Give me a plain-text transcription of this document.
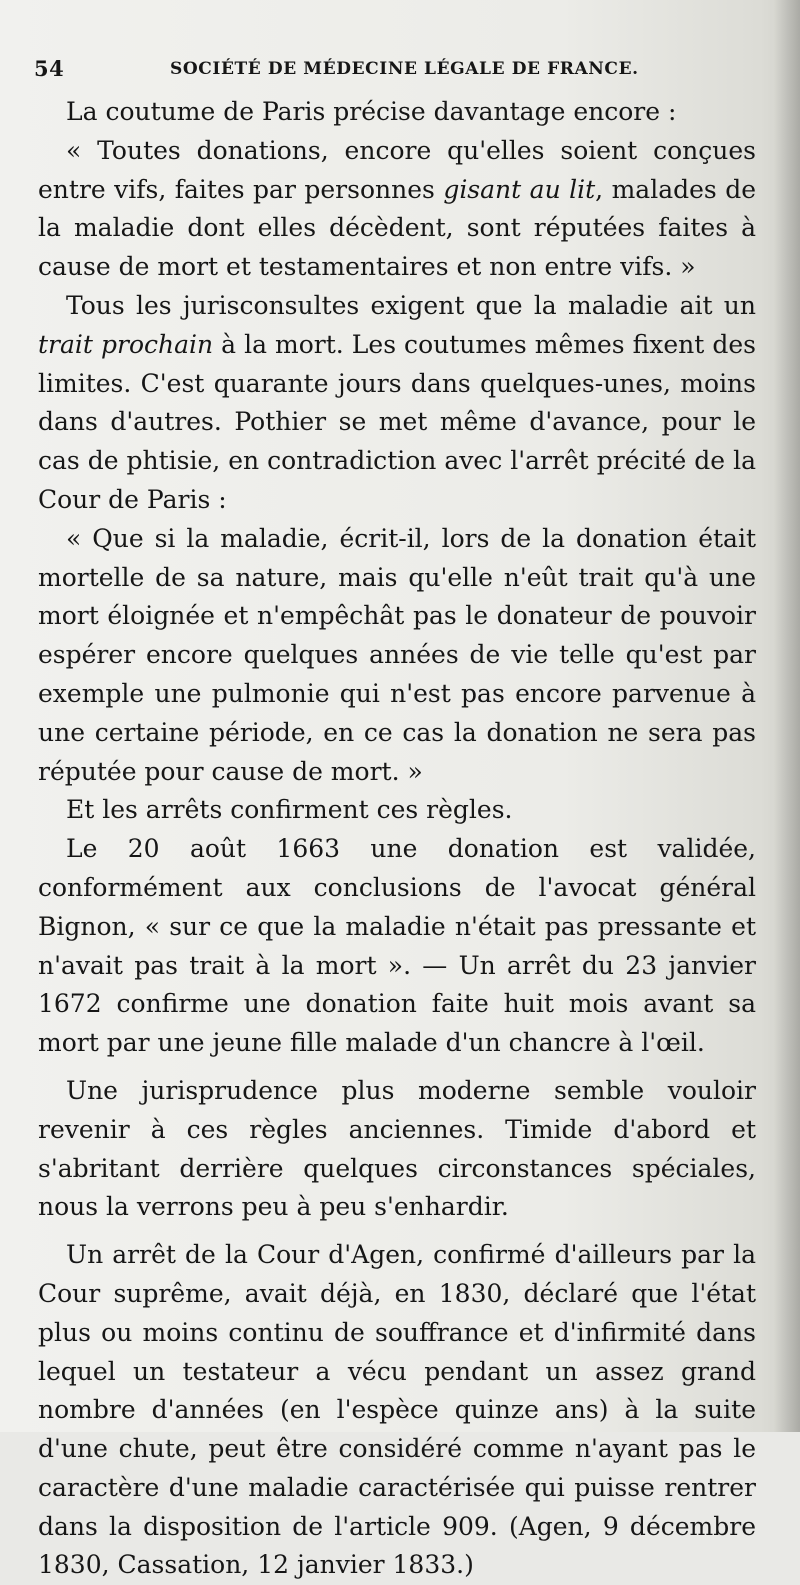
54	SOCIÉTÉ DE MÉDECINE LÉGALE DE FRANCE.

La coutume de Paris précise davantage encore :

« Toutes donations, encore qu'elles soient conçues entre vifs, faites par personnes gisant au lit, malades de la maladie dont elles décèdent, sont réputées faites à cause de mort et testamentaires et non entre vifs. »

Tous les jurisconsultes exigent que la maladie ait un trait prochain à la mort. Les coutumes mêmes fixent des limites. C'est quarante jours dans quelques-unes, moins dans d'autres. Pothier se met même d'avance, pour le cas de phtisie, en contradiction avec l'arrêt précité de la Cour de Paris :

« Que si la maladie, écrit-il, lors de la donation était mortelle de sa nature, mais qu'elle n'eût trait qu'à une mort éloignée et n'empêchât pas le donateur de pouvoir espérer encore quelques années de vie telle qu'est par exemple une pulmonie qui n'est pas encore parvenue à une certaine période, en ce cas la donation ne sera pas réputée pour cause de mort. »

Et les arrêts confirment ces règles.

Le 20 août 1663 une donation est validée, conformément aux conclusions de l'avocat général Bignon, « sur ce que la maladie n'était pas pressante et n'avait pas trait à la mort ». — Un arrêt du 23 janvier 1672 confirme une donation faite huit mois avant sa mort par une jeune fille malade d'un chancre à l'œil.

Une jurisprudence plus moderne semble vouloir revenir à ces règles anciennes. Timide d'abord et s'abritant derrière quelques circonstances spéciales, nous la verrons peu à peu s'enhardir.

Un arrêt de la Cour d'Agen, confirmé d'ailleurs par la Cour suprême, avait déjà, en 1830, déclaré que l'état plus ou moins continu de souffrance et d'infirmité dans lequel un testateur a vécu pendant un assez grand nombre d'années (en l'espèce quinze ans) à la suite d'une chute, peut être considéré comme n'ayant pas le caractère d'une maladie caractérisée qui puisse rentrer dans la disposition de l'article 909. (Agen, 9 décembre 1830, Cassation, 12 janvier 1833.)
